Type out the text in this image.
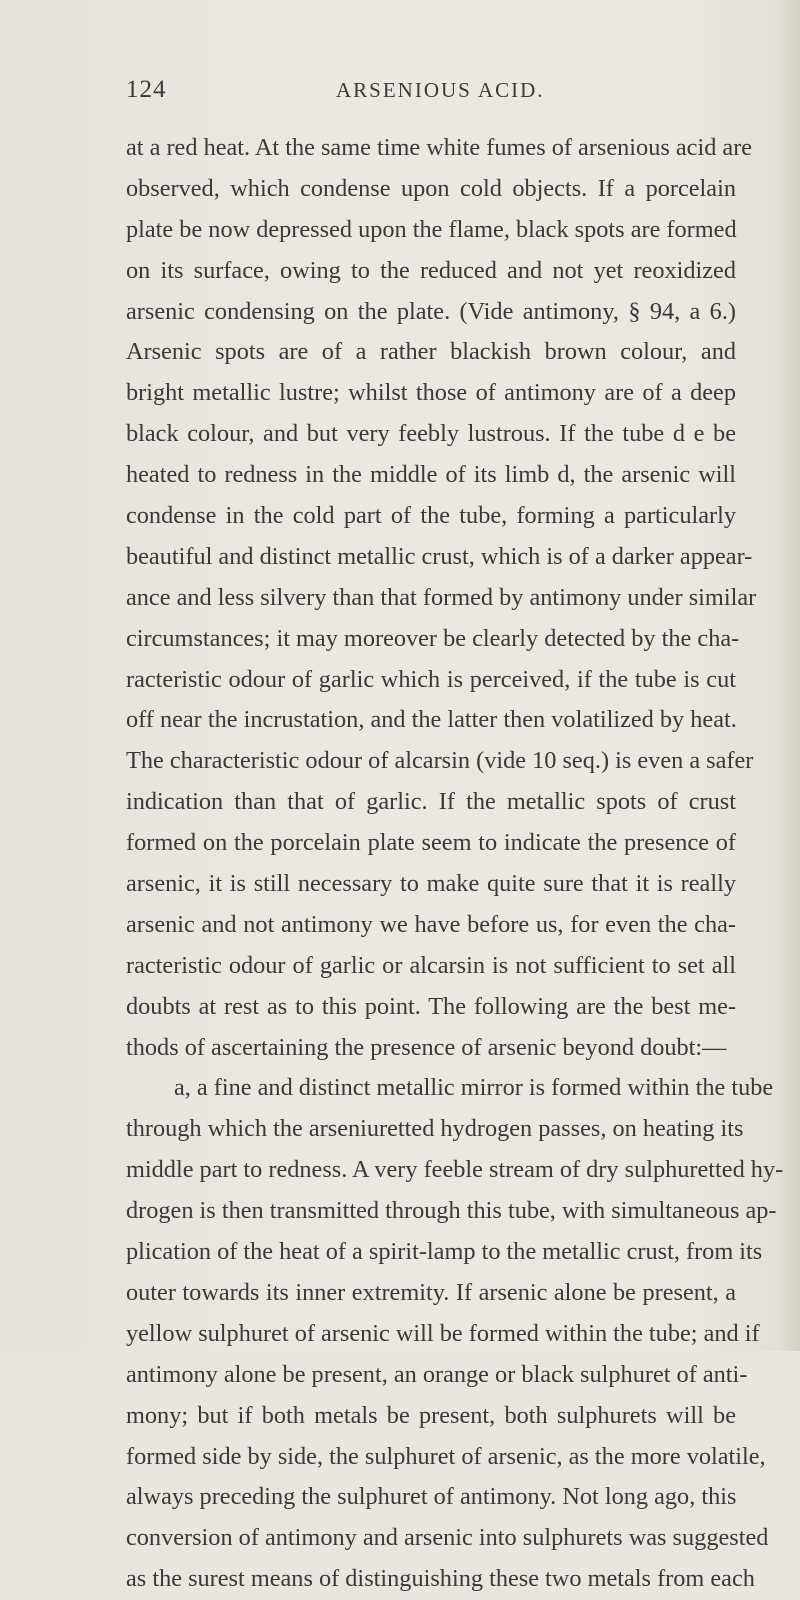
124	ARSENIOUS ACID.
at a red heat. At the same time white fumes of arsenious acid are
observed, which condense upon cold objects. If a porcelain
plate be now depressed upon the flame, black spots are formed
on its surface, owing to the reduced and not yet reoxidized
arsenic condensing on the plate. (Vide antimony, § 94, a 6.)
Arsenic spots are of a rather blackish brown colour, and
bright metallic lustre; whilst those of antimony are of a deep
black colour, and but very feebly lustrous. If the tube d e be
heated to redness in the middle of its limb d, the arsenic will
condense in the cold part of the tube, forming a particularly
beautiful and distinct metallic crust, which is of a darker appear-
ance and less silvery than that formed by antimony under similar
circumstances; it may moreover be clearly detected by the cha-
racteristic odour of garlic which is perceived, if the tube is cut
off near the incrustation, and the latter then volatilized by heat.
The characteristic odour of alcarsin (vide 10 seq.) is even a safer
indication than that of garlic. If the metallic spots of crust
formed on the porcelain plate seem to indicate the presence of
arsenic, it is still necessary to make quite sure that it is really
arsenic and not antimony we have before us, for even the cha-
racteristic odour of garlic or alcarsin is not sufficient to set all
doubts at rest as to this point. The following are the best me-
thods of ascertaining the presence of arsenic beyond doubt:—
a, a fine and distinct metallic mirror is formed within the tube
through which the arseniuretted hydrogen passes, on heating its
middle part to redness. A very feeble stream of dry sulphuretted hy-
drogen is then transmitted through this tube, with simultaneous ap-
plication of the heat of a spirit-lamp to the metallic crust, from its
outer towards its inner extremity. If arsenic alone be present, a
yellow sulphuret of arsenic will be formed within the tube; and if
antimony alone be present, an orange or black sulphuret of anti-
mony; but if both metals be present, both sulphurets will be
formed side by side, the sulphuret of arsenic, as the more volatile,
always preceding the sulphuret of antimony. Not long ago, this
conversion of antimony and arsenic into sulphurets was suggested
as the surest means of distinguishing these two metals from each
